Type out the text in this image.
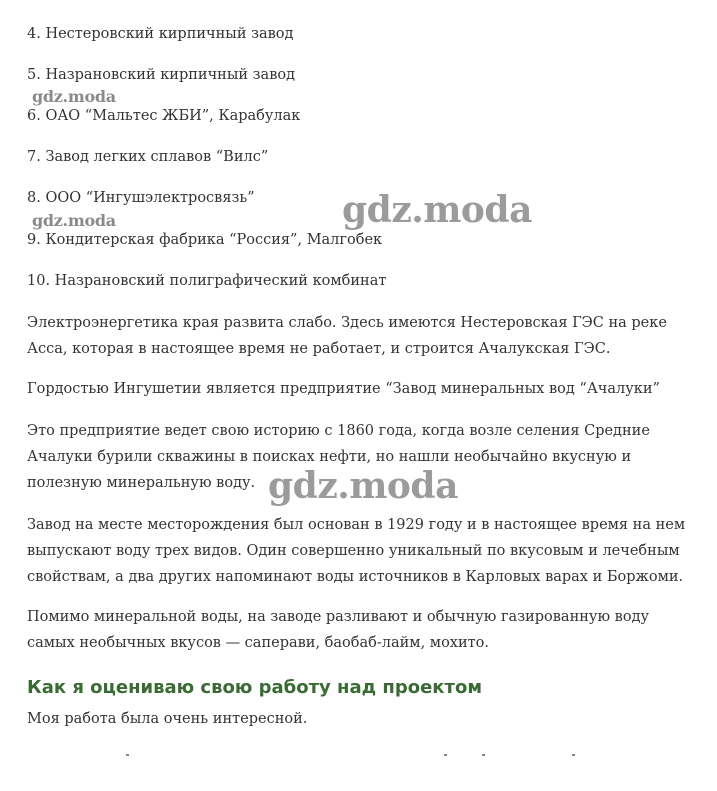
4. Нестеровский кирпичный завод
5. Назрановский кирпичный завод
gdz.moda
6. ОАО “Мальтес ЖБИ”, Карабулак
7. Завод легких сплавов “Вилс”
8. ООО “Ингушэлектросвязь” gdz.moda
gdz.moda
9. Кондитерская фабрика “Россия”, Малгобек
10. Назрановский полиграфический комбинат

Электроэнергетика края развита слабо. Здесь имеются Нестеровская ГЭС на реке Асса, которая в настоящее время не работает, и строится Ачалукская ГЭС.

Гордостью Ингушетии является предприятие “Завод минеральных вод “Ачалуки”

Это предприятие ведет свою историю с 1860 года, когда возле селения Средние Ачалуки бурили скважины в поисках нефти, но нашли необычайно вкусную и полезную минеральную воду. gdz.moda

Завод на месте месторождения был основан в 1929 году и в настоящее время на нем выпускают воду трех видов. Один совершенно уникальный по вкусовым и лечебным свойствам, а два других напоминают воды источников в Карловых варах и Боржоми.

Помимо минеральной воды, на заводе разливают и обычную газированную воду самых необычных вкусов — саперави, баобаб-лайм, мохито.

Как я оцениваю свою работу над проектом

Моя работа была очень интересной.
